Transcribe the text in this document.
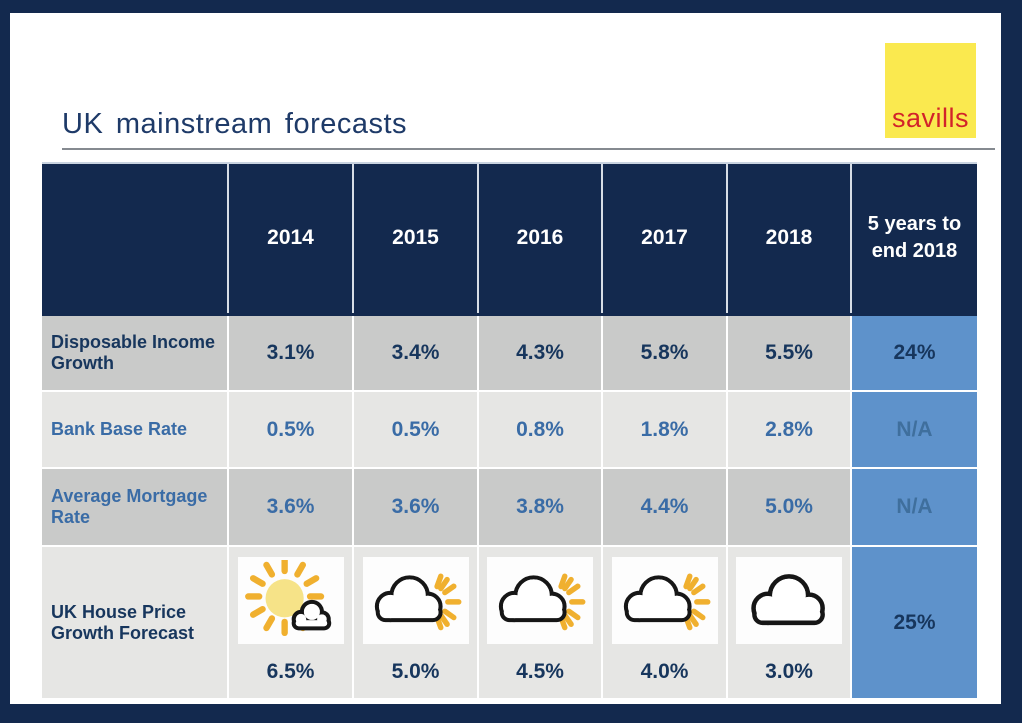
savills
UK mainstream forecasts
	2014	2015	2016	2017	2018	5 years to end 2018
Disposable Income Growth	3.1%	3.4%	4.3%	5.8%	5.5%	24%
Bank Base Rate	0.5%	0.5%	0.8%	1.8%	2.8%	N/A
Average Mortgage Rate	3.6%	3.6%	3.8%	4.4%	5.0%	N/A
UK House Price Growth Forecast	6.5%	5.0%	4.5%	4.0%	3.0%	25%
